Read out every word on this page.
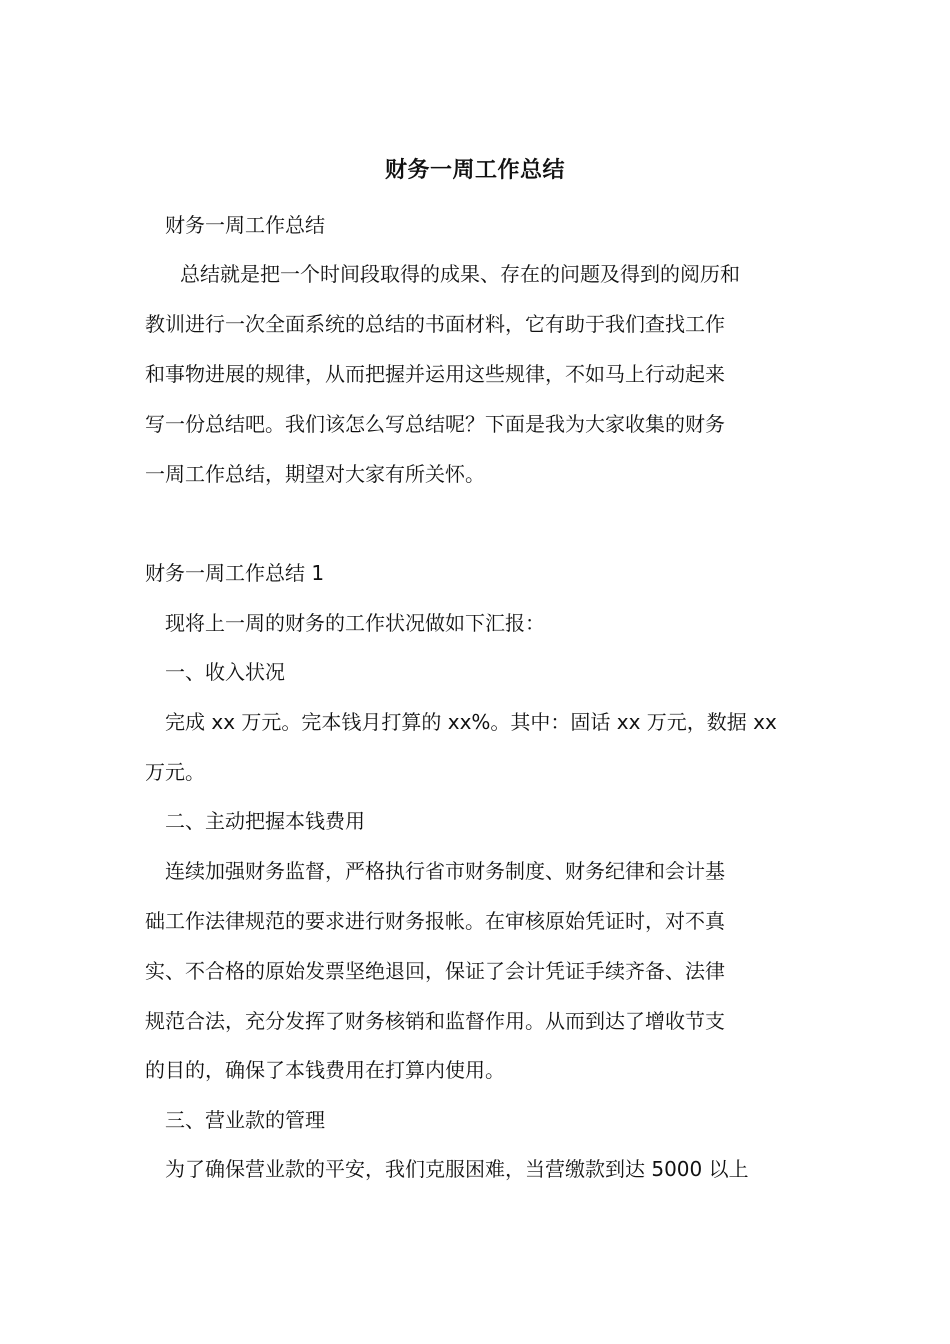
财务一周工作总结
财务一周工作总结
总结就是把一个时间段取得的成果、存在的问题及得到的阅历和
教训进行一次全面系统的总结的书面材料，它有助于我们查找工作
和事物进展的规律，从而把握并运用这些规律，不如马上行动起来
写一份总结吧。我们该怎么写总结呢？下面是我为大家收集的财务
一周工作总结，期望对大家有所关怀。
财务一周工作总结 1
现将上一周的财务的工作状况做如下汇报：
一、收入状况
完成 xx 万元。完本钱月打算的 xx%。其中：固话 xx 万元，数据 xx
万元。
二、主动把握本钱费用
连续加强财务监督，严格执行省市财务制度、财务纪律和会计基
础工作法律规范的要求进行财务报帐。在审核原始凭证时，对不真
实、不合格的原始发票坚绝退回，保证了会计凭证手续齐备、法律
规范合法，充分发挥了财务核销和监督作用。从而到达了增收节支
的目的，确保了本钱费用在打算内使用。
三、营业款的管理
为了确保营业款的平安，我们克服困难，当营缴款到达 5000 以上
